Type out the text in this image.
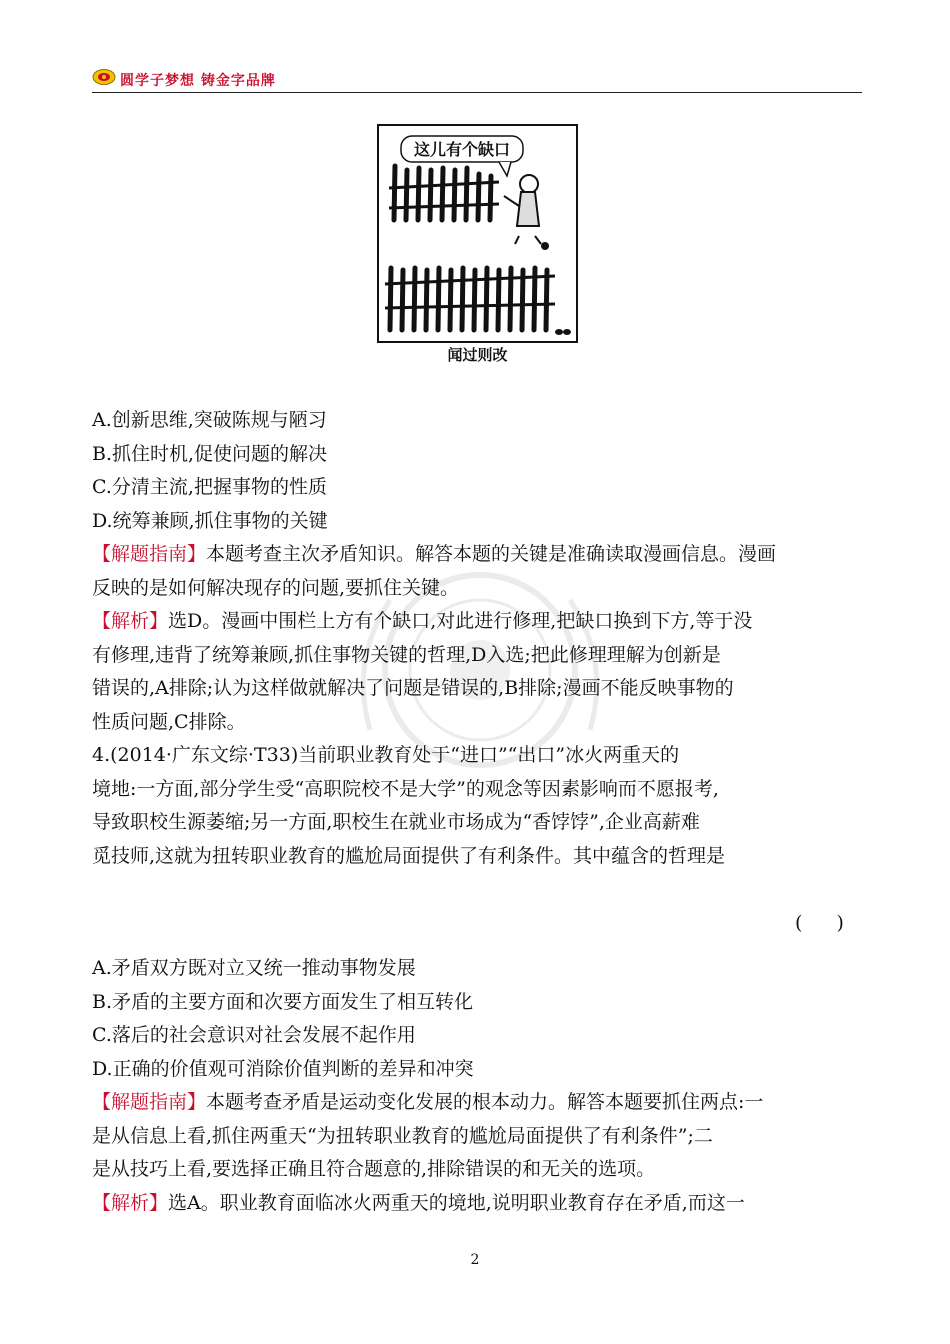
圆学子梦想 铸金字品牌
这儿有个缺口
闻过则改
A.创新思维,突破陈规与陋习
B.抓住时机,促使问题的解决
C.分清主流,把握事物的性质
D.统筹兼顾,抓住事物的关键
【解题指南】本题考查主次矛盾知识。解答本题的关键是准确读取漫画信息。漫画
反映的是如何解决现存的问题,要抓住关键。
【解析】选D。漫画中围栏上方有个缺口,对此进行修理,把缺口换到下方,等于没
有修理,违背了统筹兼顾,抓住事物关键的哲理,D入选;把此修理理解为创新是
错误的,A排除;认为这样做就解决了问题是错误的,B排除;漫画不能反映事物的
性质问题,C排除。
4.(2014·广东文综·T33)当前职业教育处于“进口”“出口”冰火两重天的
境地:一方面,部分学生受“高职院校不是大学”的观念等因素影响而不愿报考,
导致职校生源萎缩;另一方面,职校生在就业市场成为“香饽饽”,企业高薪难
觅技师,这就为扭转职业教育的尴尬局面提供了有利条件。其中蕴含的哲理是
( )
A.矛盾双方既对立又统一推动事物发展
B.矛盾的主要方面和次要方面发生了相互转化
C.落后的社会意识对社会发展不起作用
D.正确的价值观可消除价值判断的差异和冲突
【解题指南】本题考查矛盾是运动变化发展的根本动力。解答本题要抓住两点:一
是从信息上看,抓住两重天“为扭转职业教育的尴尬局面提供了有利条件”;二
是从技巧上看,要选择正确且符合题意的,排除错误的和无关的选项。
【解析】选A。职业教育面临冰火两重天的境地,说明职业教育存在矛盾,而这一
2
